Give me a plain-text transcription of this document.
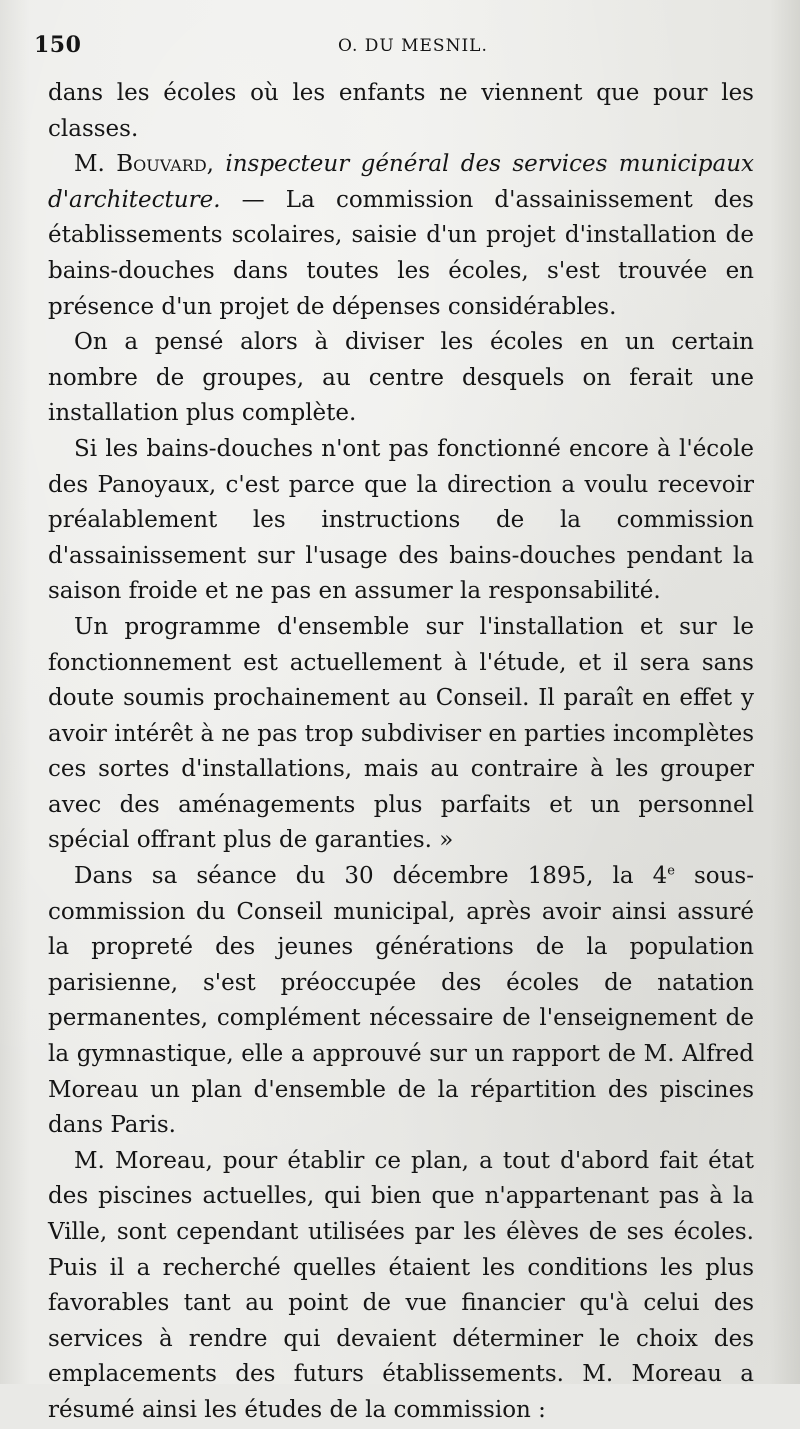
150	O. DU MESNIL.

dans les écoles où les enfants ne viennent que pour les classes.

M. Bouvard, inspecteur général des services municipaux d'architecture. — La commission d'assainissement des établissements scolaires, saisie d'un projet d'installation de bains-douches dans toutes les écoles, s'est trouvée en présence d'un projet de dépenses considérables.

On a pensé alors à diviser les écoles en un certain nombre de groupes, au centre desquels on ferait une installation plus complète.

Si les bains-douches n'ont pas fonctionné encore à l'école des Panoyaux, c'est parce que la direction a voulu recevoir préalablement les instructions de la commission d'assainissement sur l'usage des bains-douches pendant la saison froide et ne pas en assumer la responsabilité.

Un programme d'ensemble sur l'installation et sur le fonctionnement est actuellement à l'étude, et il sera sans doute soumis prochainement au Conseil. Il paraît en effet y avoir intérêt à ne pas trop subdiviser en parties incomplètes ces sortes d'installations, mais au contraire à les grouper avec des aménagements plus parfaits et un personnel spécial offrant plus de garanties. »

Dans sa séance du 30 décembre 1895, la 4e sous-commission du Conseil municipal, après avoir ainsi assuré la propreté des jeunes générations de la population parisienne, s'est préoccupée des écoles de natation permanentes, complément nécessaire de l'enseignement de la gymnastique, elle a approuvé sur un rapport de M. Alfred Moreau un plan d'ensemble de la répartition des piscines dans Paris.

M. Moreau, pour établir ce plan, a tout d'abord fait état des piscines actuelles, qui bien que n'appartenant pas à la Ville, sont cependant utilisées par les élèves de ses écoles. Puis il a recherché quelles étaient les conditions les plus favorables tant au point de vue financier qu'à celui des services à rendre qui devaient déterminer le choix des emplacements des futurs établissements. M. Moreau a résumé ainsi les études de la commission :
